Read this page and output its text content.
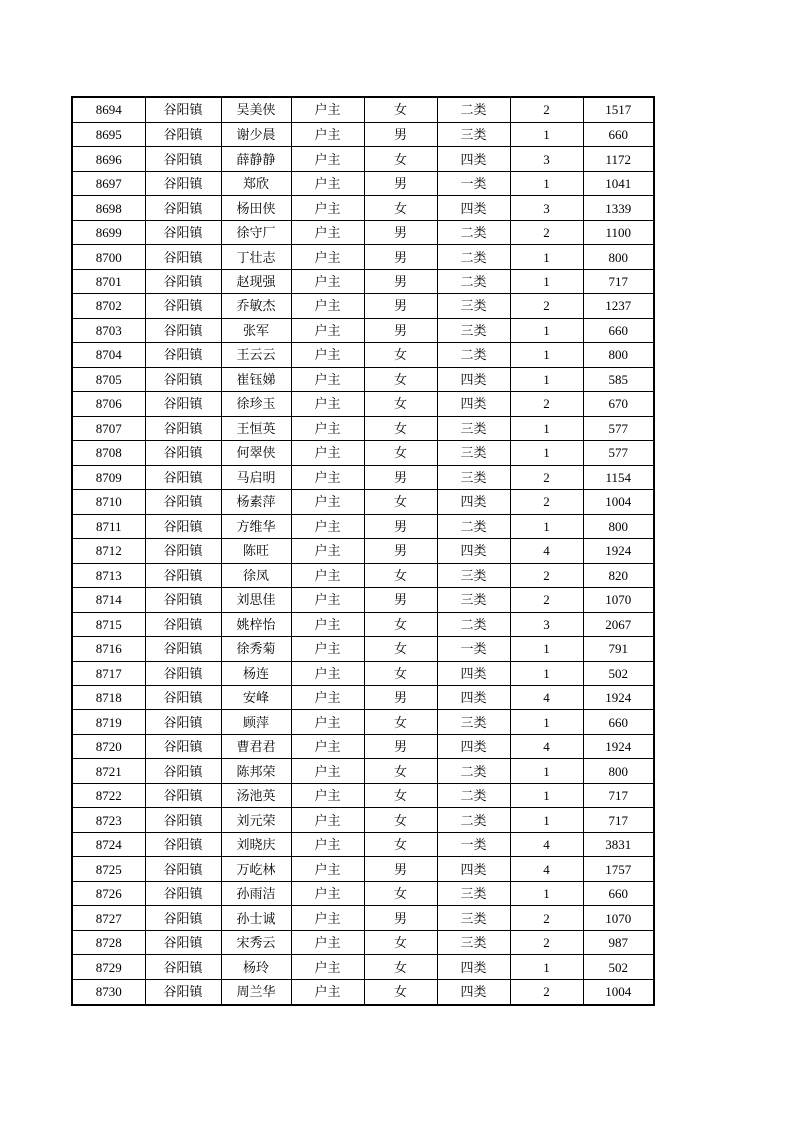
8694	谷阳镇	吴美侠	户主	女	二类	2	1517
8695	谷阳镇	谢少晨	户主	男	三类	1	660
8696	谷阳镇	薛静静	户主	女	四类	3	1172
8697	谷阳镇	郑欣	户主	男	一类	1	1041
8698	谷阳镇	杨田侠	户主	女	四类	3	1339
8699	谷阳镇	徐守厂	户主	男	二类	2	1100
8700	谷阳镇	丁壮志	户主	男	二类	1	800
8701	谷阳镇	赵现强	户主	男	二类	1	717
8702	谷阳镇	乔敏杰	户主	男	三类	2	1237
8703	谷阳镇	张军	户主	男	三类	1	660
8704	谷阳镇	王云云	户主	女	二类	1	800
8705	谷阳镇	崔钰娣	户主	女	四类	1	585
8706	谷阳镇	徐珍玉	户主	女	四类	2	670
8707	谷阳镇	王恒英	户主	女	三类	1	577
8708	谷阳镇	何翠侠	户主	女	三类	1	577
8709	谷阳镇	马启明	户主	男	三类	2	1154
8710	谷阳镇	杨素萍	户主	女	四类	2	1004
8711	谷阳镇	方维华	户主	男	二类	1	800
8712	谷阳镇	陈旺	户主	男	四类	4	1924
8713	谷阳镇	徐凤	户主	女	三类	2	820
8714	谷阳镇	刘思佳	户主	男	三类	2	1070
8715	谷阳镇	姚梓怡	户主	女	二类	3	2067
8716	谷阳镇	徐秀菊	户主	女	一类	1	791
8717	谷阳镇	杨连	户主	女	四类	1	502
8718	谷阳镇	安峰	户主	男	四类	4	1924
8719	谷阳镇	顾萍	户主	女	三类	1	660
8720	谷阳镇	曹君君	户主	男	四类	4	1924
8721	谷阳镇	陈邦荣	户主	女	二类	1	800
8722	谷阳镇	汤池英	户主	女	二类	1	717
8723	谷阳镇	刘元荣	户主	女	二类	1	717
8724	谷阳镇	刘晓庆	户主	女	一类	4	3831
8725	谷阳镇	万屹林	户主	男	四类	4	1757
8726	谷阳镇	孙雨洁	户主	女	三类	1	660
8727	谷阳镇	孙士诚	户主	男	三类	2	1070
8728	谷阳镇	宋秀云	户主	女	三类	2	987
8729	谷阳镇	杨玲	户主	女	四类	1	502
8730	谷阳镇	周兰华	户主	女	四类	2	1004
